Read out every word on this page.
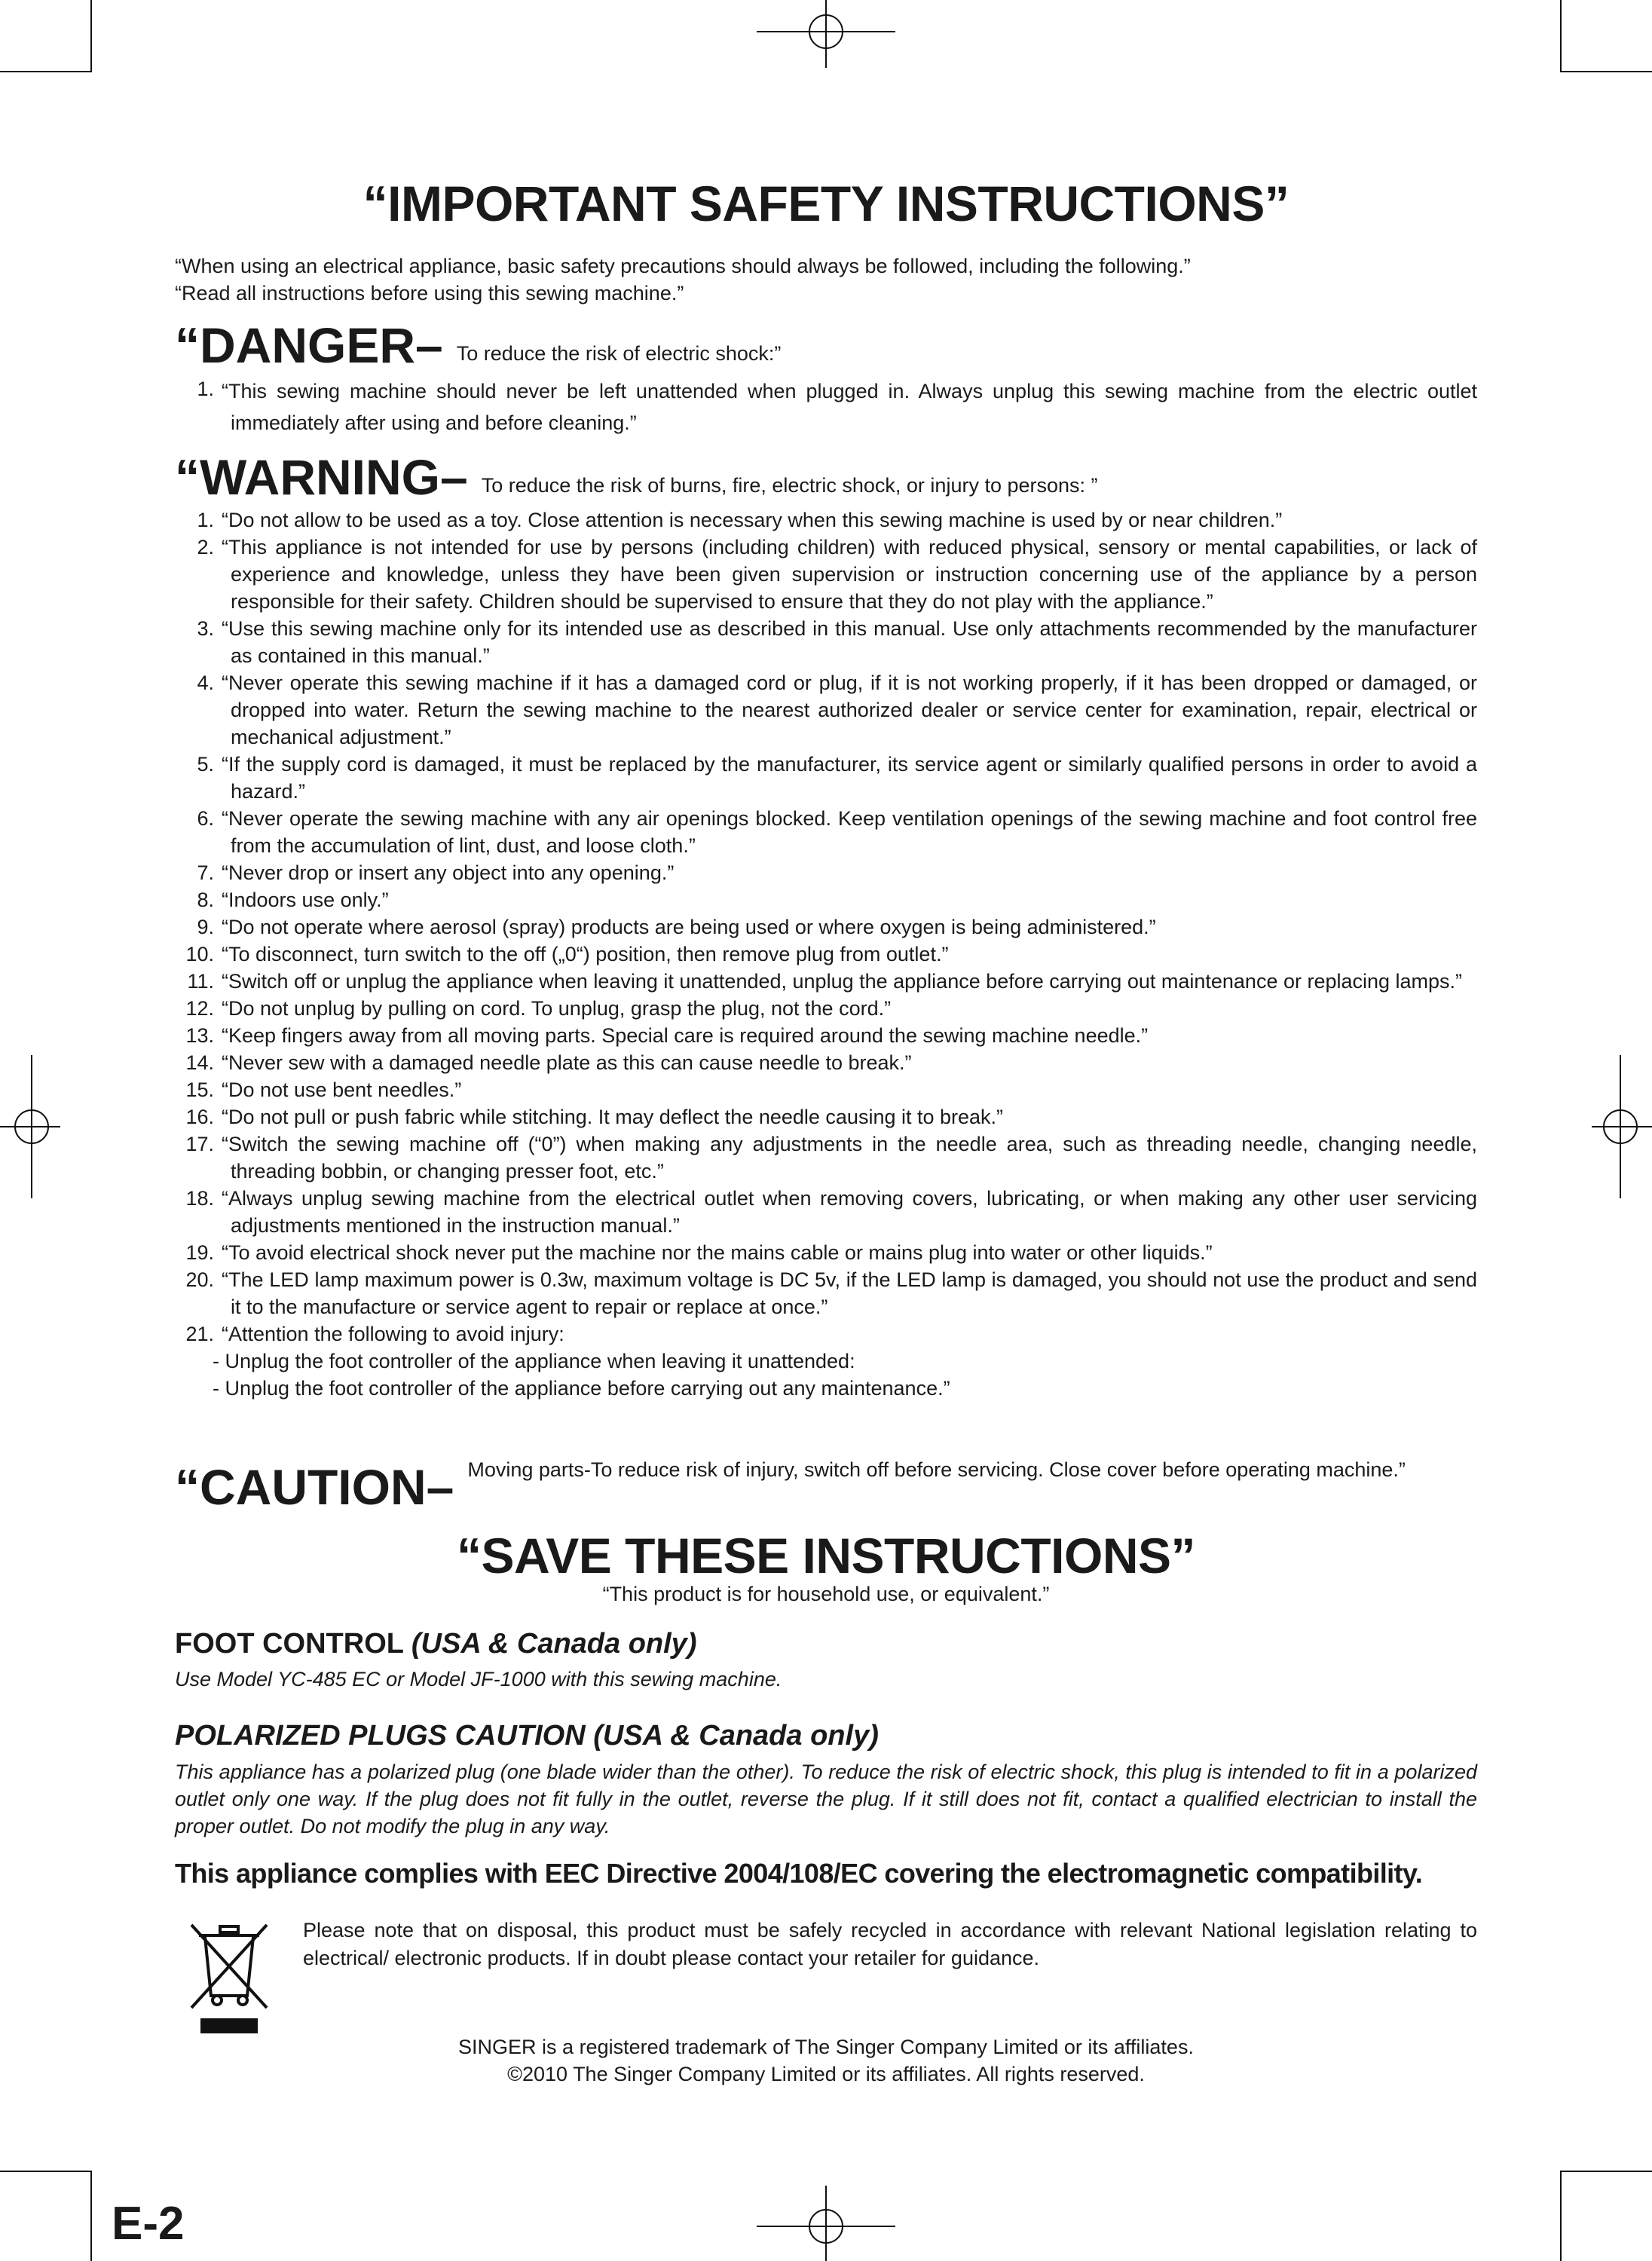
“IMPORTANT SAFETY INSTRUCTIONS”
“When using an electrical appliance, basic safety precautions should always be followed, including the following.”
“Read all instructions before using this sewing machine.”
“DANGER– To reduce the risk of electric shock:”
1. “This sewing machine should never be left unattended when plugged in. Always unplug this sewing machine from the electric outlet immediately after using and before cleaning.”
“WARNING– To reduce the risk of burns, fire, electric shock, or injury to persons: ”
1. “Do not allow to be used as a toy. Close attention is necessary when this sewing machine is used by or near children.”
2. “This appliance is not intended for use by persons (including children) with reduced physical, sensory or mental capabilities, or lack of experience and knowledge, unless they have been given supervision or instruction concerning use of the appliance by a person responsible for their safety. Children should be supervised to ensure that they do not play with the appliance.”
3. “Use this sewing machine only for its intended use as described in this manual. Use only attachments recommended by the manufacturer as contained in this manual.”
4. “Never operate this sewing machine if it has a damaged cord or plug, if it is not working properly, if it has been dropped or damaged, or dropped into water. Return the sewing machine to the nearest authorized dealer or service center for examination, repair, electrical or mechanical adjustment.”
5. “If the supply cord is damaged, it must be replaced by the manufacturer, its service agent or similarly qualified persons in order to avoid a hazard.”
6. “Never operate the sewing machine with any air openings blocked. Keep ventilation openings of the sewing machine and foot control free from the accumulation of lint, dust, and loose cloth.”
7. “Never drop or insert any object into any opening.”
8. “Indoors use only.”
9. “Do not operate where aerosol (spray) products are being used or where oxygen is being administered.”
10. “To disconnect, turn switch to the off („0“) position, then remove plug from outlet.”
11. “Switch off or unplug the appliance when leaving it unattended, unplug the appliance before carrying out maintenance or replacing lamps.”
12. “Do not unplug by pulling on cord. To unplug, grasp the plug, not the cord.”
13. “Keep fingers away from all moving parts. Special care is required around the sewing machine needle.”
14. “Never sew with a damaged needle plate as this can cause needle to break.”
15. “Do not use bent needles.”
16. “Do not pull or push fabric while stitching. It may deflect the needle causing it to break.”
17. “Switch the sewing machine off (“0”) when making any adjustments in the needle area, such as threading needle, changing needle, threading bobbin, or changing presser foot, etc.”
18. “Always unplug sewing machine from the electrical outlet when removing covers, lubricating, or when making any other user servicing adjustments mentioned in the instruction manual.”
19. “To avoid electrical shock never put the machine nor the mains cable or mains plug into water or other liquids.”
20. “The LED lamp maximum power is 0.3w, maximum voltage is DC 5v, if the LED lamp is damaged, you should not use the product and send it to the manufacture or service agent to repair or replace at once.”
21. “Attention the following to avoid injury:
- Unplug the foot controller of the appliance when leaving it unattended:
- Unplug the foot controller of the appliance before carrying out any maintenance.”
“CAUTION– Moving parts-To reduce risk of injury, switch off before servicing. Close cover before operating machine.”
“SAVE THESE INSTRUCTIONS”
“This product is for household use, or equivalent.”
FOOT CONTROL (USA & Canada only)
Use Model YC-485 EC or Model JF-1000 with this sewing machine.
POLARIZED PLUGS CAUTION (USA & Canada only)
This appliance has a polarized plug (one blade wider than the other). To reduce the risk of electric shock, this plug is intended to fit in a polarized outlet only one way. If the plug does not fit fully in the outlet, reverse the plug. If it still does not fit, contact a qualified electrician to install the proper outlet. Do not modify the plug in any way.
This appliance complies with EEC Directive 2004/108/EC covering the electromagnetic compatibility.
Please note that on disposal, this product must be safely recycled in accordance with relevant National legislation relating to electrical/ electronic products. If in doubt please contact your retailer for guidance.
SINGER is a registered trademark of The Singer Company Limited or its affiliates.
©2010 The Singer Company Limited or its affiliates. All rights reserved.
E-2
